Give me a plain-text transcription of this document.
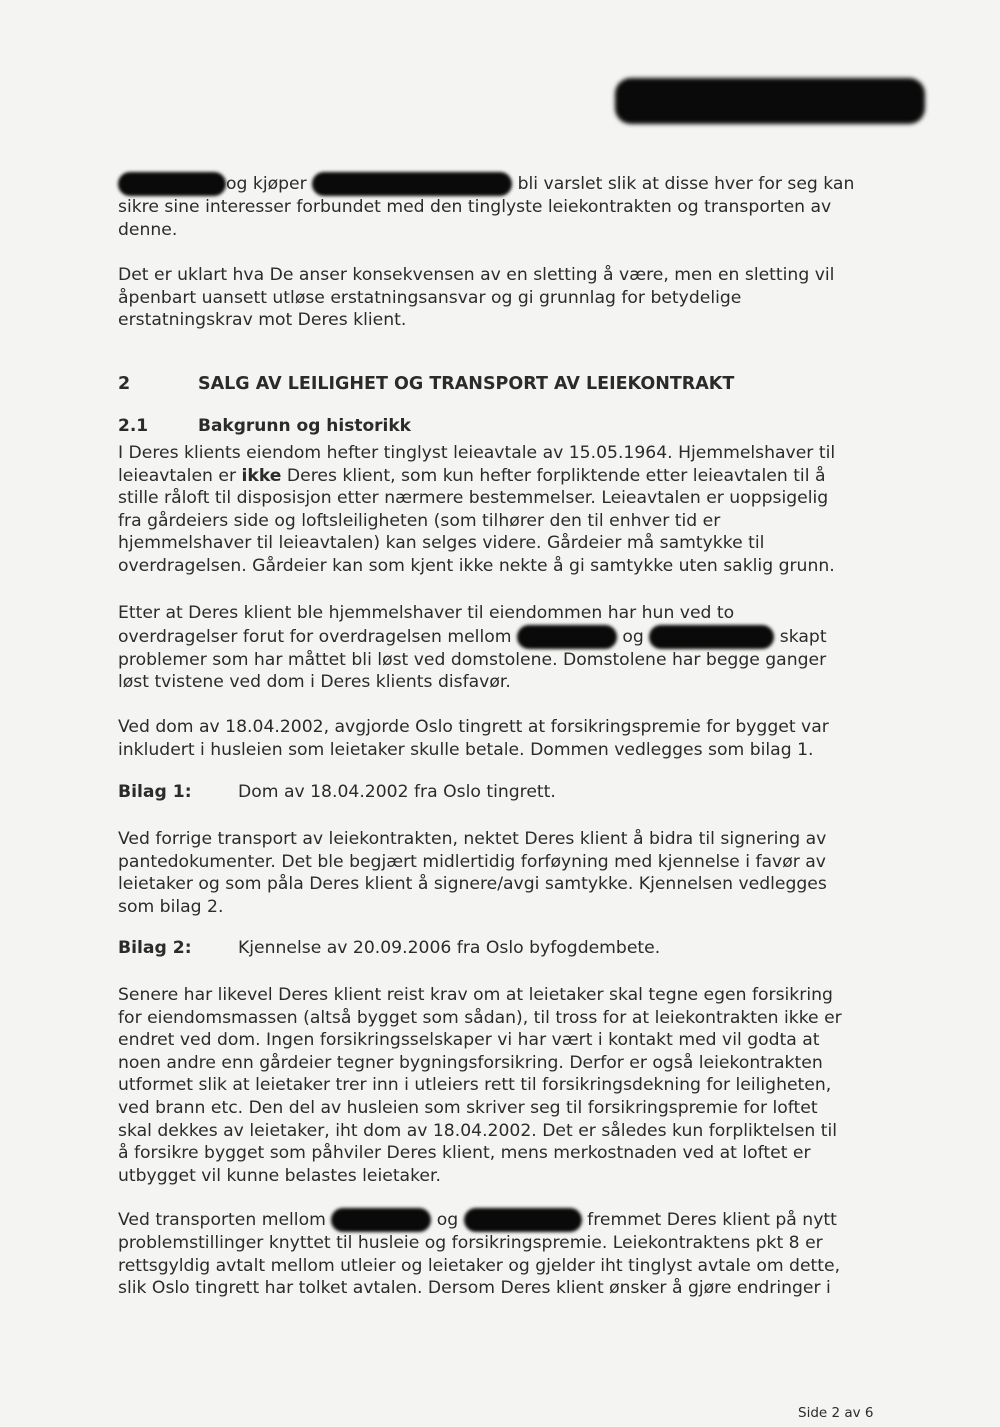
og kjøper	bli varslet slik at disse hver for seg kan

sikre sine interesser forbundet med den tinglyste leiekontrakten og transporten av

denne.

Det er uklart hva De anser konsekvensen av en sletting å være, men en sletting vil

åpenbart uansett utløse erstatningsansvar og gi grunnlag for betydelige

erstatningskrav mot Deres klient.

2	SALG AV LEILIGHET OG TRANSPORT AV LEIEKONTRAKT
2.1	Bakgrunn og historikk

I Deres klients eiendom hefter tinglyst leieavtale av 15.05.1964. Hjemmelshaver til

leieavtalen er ikke Deres klient, som kun hefter forpliktende etter leieavtalen til å

stille råloft til disposisjon etter nærmere bestemmelser. Leieavtalen er uoppsigelig

fra gårdeiers side og loftsleiligheten (som tilhører den til enhver tid er

hjemmelshaver til leieavtalen) kan selges videre. Gårdeier må samtykke til

overdragelsen. Gårdeier kan som kjent ikke nekte å gi samtykke uten saklig grunn.

Etter at Deres klient ble hjemmelshaver til eiendommen har hun ved to

overdragelser forut for overdragelsen mellom	og	skapt

problemer som har måttet bli løst ved domstolene. Domstolene har begge ganger

løst tvistene ved dom i Deres klients disfavør.

Ved dom av 18.04.2002, avgjorde Oslo tingrett at forsikringspremie for bygget var

inkludert i husleien som leietaker skulle betale. Dommen vedlegges som bilag 1.

Bilag 1:	Dom av 18.04.2002 fra Oslo tingrett.

Ved forrige transport av leiekontrakten, nektet Deres klient å bidra til signering av

pantedokumenter. Det ble begjært midlertidig forføyning med kjennelse i favør av

leietaker og som påla Deres klient å signere/avgi samtykke. Kjennelsen vedlegges

som bilag 2.

Bilag 2:	Kjennelse av 20.09.2006 fra Oslo byfogdembete.

Senere har likevel Deres klient reist krav om at leietaker skal tegne egen forsikring

for eiendomsmassen (altså bygget som sådan), til tross for at leiekontrakten ikke er

endret ved dom. Ingen forsikringsselskaper vi har vært i kontakt med vil godta at

noen andre enn gårdeier tegner bygningsforsikring. Derfor er også leiekontrakten

utformet slik at leietaker trer inn i utleiers rett til forsikringsdekning for leiligheten,

ved brann etc. Den del av husleien som skriver seg til forsikringspremie for loftet

skal dekkes av leietaker, iht dom av 18.04.2002. Det er således kun forpliktelsen til

å forsikre bygget som påhviler Deres klient, mens merkostnaden ved at loftet er

utbygget vil kunne belastes leietaker.

Ved transporten mellom	og	fremmet Deres klient på nytt

problemstillinger knyttet til husleie og forsikringspremie. Leiekontraktens pkt 8 er

rettsgyldig avtalt mellom utleier og leietaker og gjelder iht tinglyst avtale om dette,

slik Oslo tingrett har tolket avtalen. Dersom Deres klient ønsker å gjøre endringer i

Side 2 av 6
